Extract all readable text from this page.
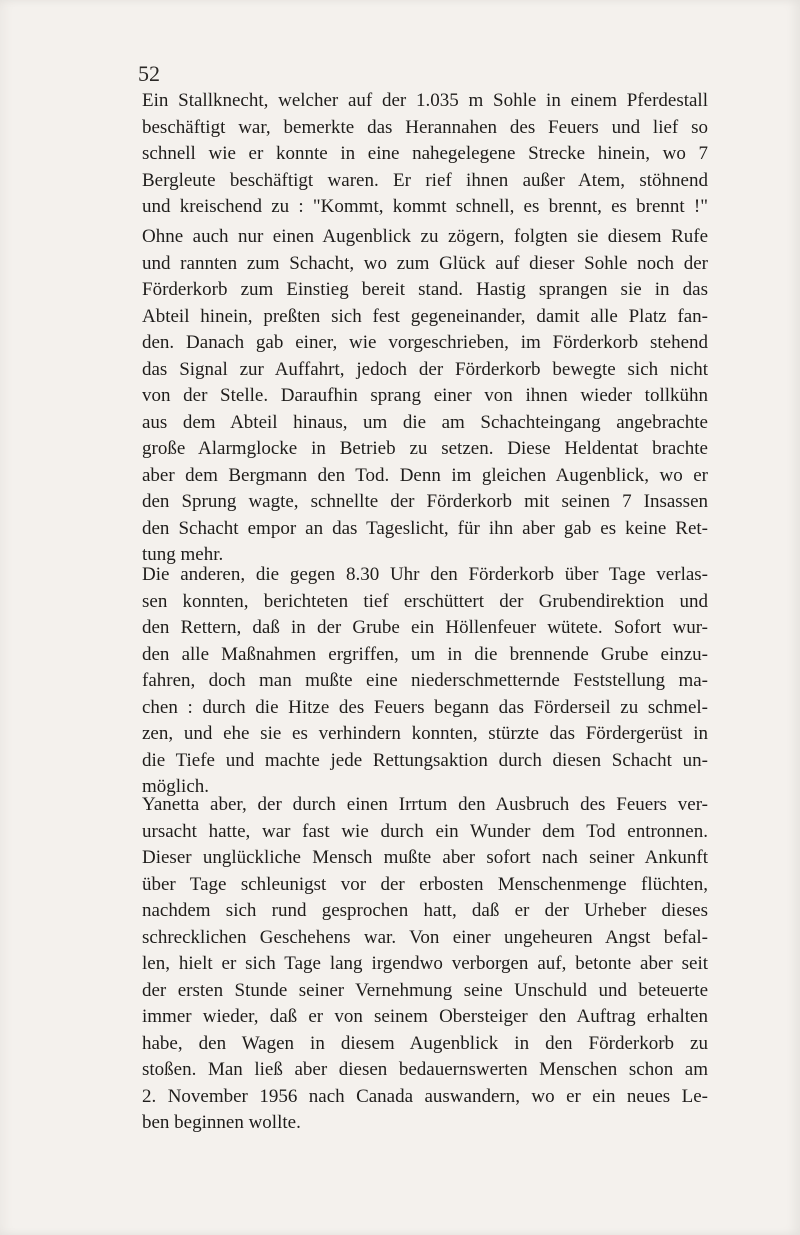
52
Ein Stallknecht, welcher auf der 1.035 m Sohle in einem Pferdestall
beschäftigt war, bemerkte das Herannahen des Feuers und lief so
schnell wie er konnte in eine nahegelegene Strecke hinein, wo 7
Bergleute beschäftigt waren. Er rief ihnen außer Atem, stöhnend
und kreischend zu : "Kommt, kommt schnell, es brennt, es brennt !"
Ohne auch nur einen Augenblick zu zögern, folgten sie diesem Rufe
und rannten zum Schacht, wo zum Glück auf dieser Sohle noch der
Förderkorb zum Einstieg bereit stand. Hastig sprangen sie in das
Abteil hinein, preßten sich fest gegeneinander, damit alle Platz fan-
den. Danach gab einer, wie vorgeschrieben, im Förderkorb stehend
das Signal zur Auffahrt, jedoch der Förderkorb bewegte sich nicht
von der Stelle. Daraufhin sprang einer von ihnen wieder tollkühn
aus dem Abteil hinaus, um die am Schachteingang angebrachte
große Alarmglocke in Betrieb zu setzen. Diese Heldentat brachte
aber dem Bergmann den Tod. Denn im gleichen Augenblick, wo er
den Sprung wagte, schnellte der Förderkorb mit seinen 7 Insassen
den Schacht empor an das Tageslicht, für ihn aber gab es keine Ret-
tung mehr.
Die anderen, die gegen 8.30 Uhr den Förderkorb über Tage verlas-
sen konnten, berichteten tief erschüttert der Grubendirektion und
den Rettern, daß in der Grube ein Höllenfeuer wütete. Sofort wur-
den alle Maßnahmen ergriffen, um in die brennende Grube einzu-
fahren, doch man mußte eine niederschmetternde Feststellung ma-
chen : durch die Hitze des Feuers begann das Förderseil zu schmel-
zen, und ehe sie es verhindern konnten, stürzte das Fördergerüst in
die Tiefe und machte jede Rettungsaktion durch diesen Schacht un-
möglich.
Yanetta aber, der durch einen Irrtum den Ausbruch des Feuers ver-
ursacht hatte, war fast wie durch ein Wunder dem Tod entronnen.
Dieser unglückliche Mensch mußte aber sofort nach seiner Ankunft
über Tage schleunigst vor der erbosten Menschenmenge flüchten,
nachdem sich rund gesprochen hatt, daß er der Urheber dieses
schrecklichen Geschehens war. Von einer ungeheuren Angst befal-
len, hielt er sich Tage lang irgendwo verborgen auf, betonte aber seit
der ersten Stunde seiner Vernehmung seine Unschuld und beteuerte
immer wieder, daß er von seinem Obersteiger den Auftrag erhalten
habe, den Wagen in diesem Augenblick in den Förderkorb zu
stoßen. Man ließ aber diesen bedauernswerten Menschen schon am
2. November 1956 nach Canada auswandern, wo er ein neues Le-
ben beginnen wollte.
